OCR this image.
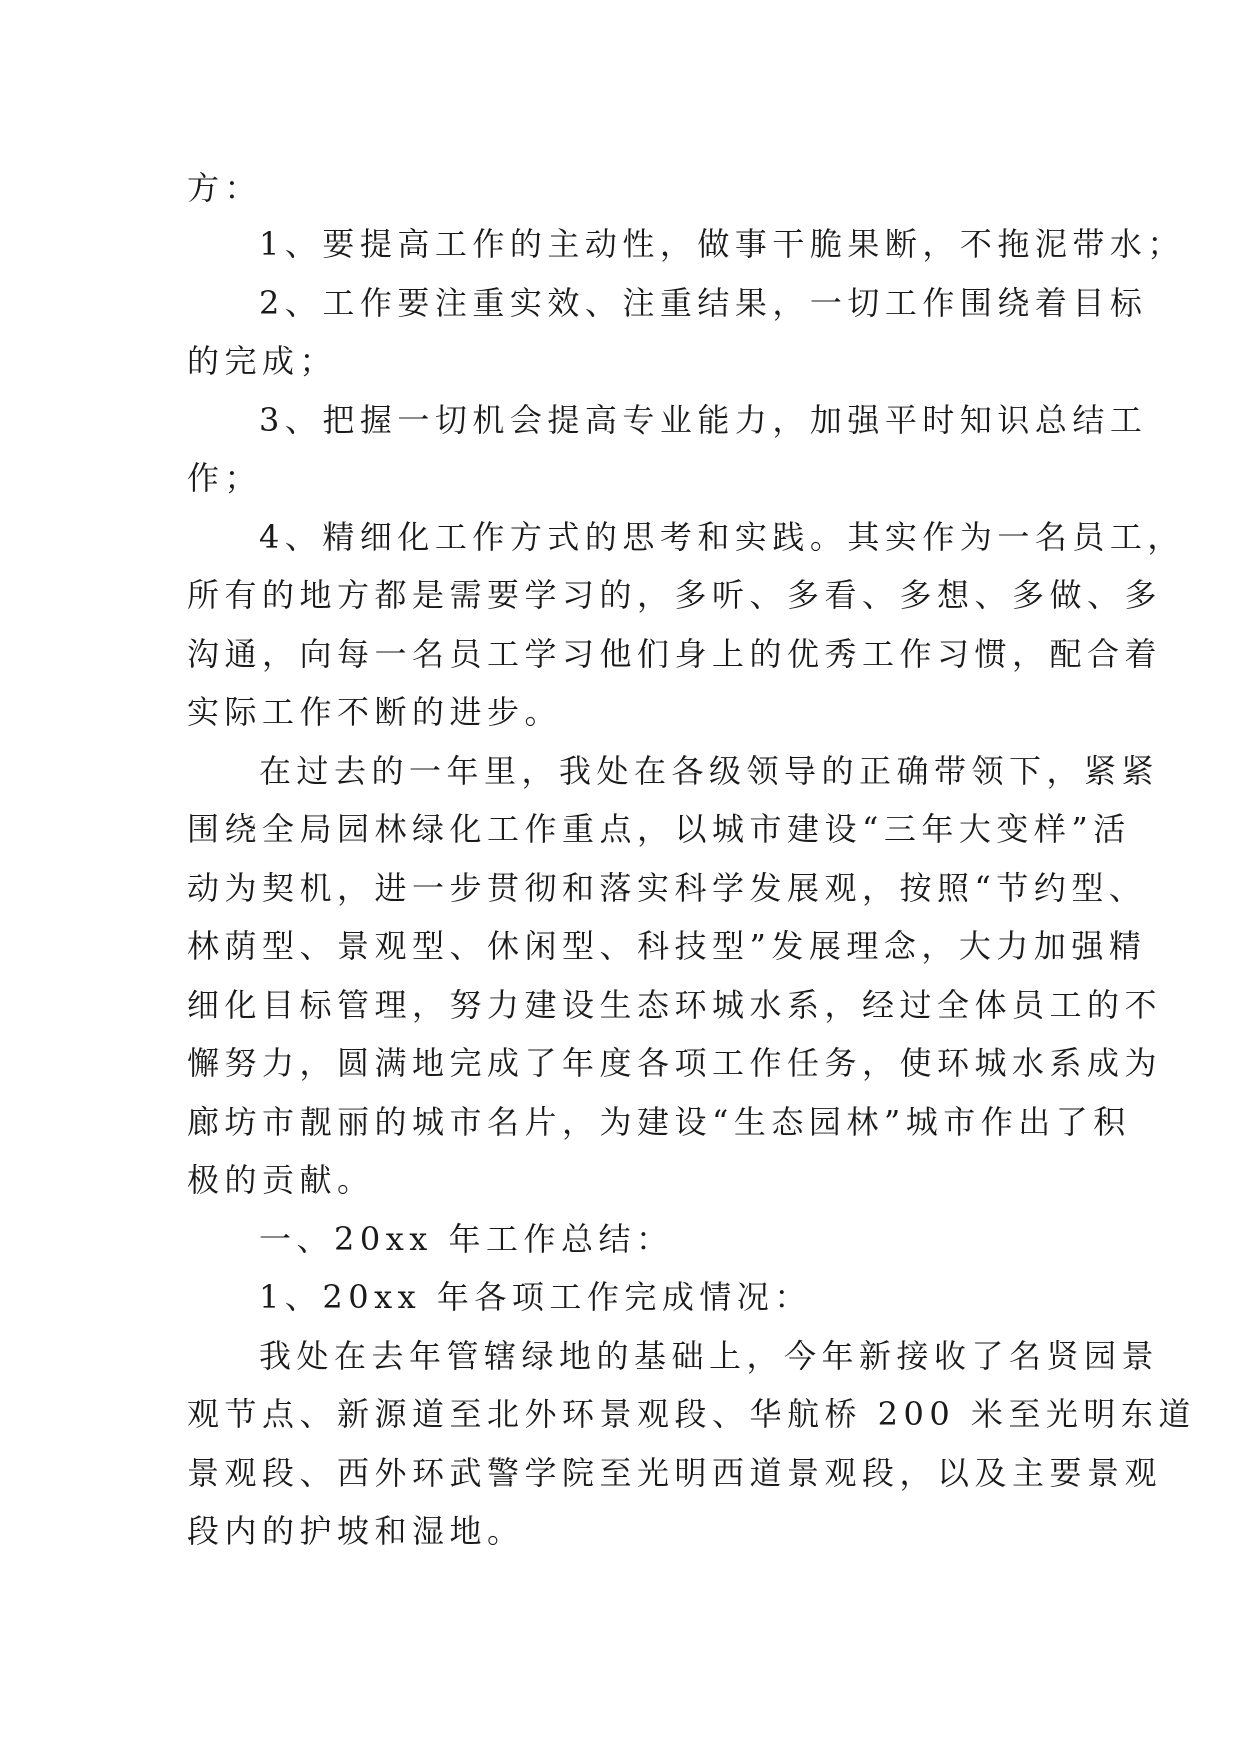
方：
1、要提高工作的主动性，做事干脆果断，不拖泥带水；
2、工作要注重实效、注重结果，一切工作围绕着目标
的完成；
3、把握一切机会提高专业能力，加强平时知识总结工
作；
4、精细化工作方式的思考和实践。其实作为一名员工，
所有的地方都是需要学习的，多听、多看、多想、多做、多
沟通，向每一名员工学习他们身上的优秀工作习惯，配合着
实际工作不断的进步。
在过去的一年里，我处在各级领导的正确带领下，紧紧
围绕全局园林绿化工作重点，以城市建设“三年大变样”活
动为契机，进一步贯彻和落实科学发展观，按照“节约型、
林荫型、景观型、休闲型、科技型”发展理念，大力加强精
细化目标管理，努力建设生态环城水系，经过全体员工的不
懈努力，圆满地完成了年度各项工作任务，使环城水系成为
廊坊市靓丽的城市名片，为建设“生态园林”城市作出了积
极的贡献。
一、20xx 年工作总结：
1、20xx 年各项工作完成情况：
我处在去年管辖绿地的基础上，今年新接收了名贤园景
观节点、新源道至北外环景观段、华航桥 200 米至光明东道
景观段、西外环武警学院至光明西道景观段，以及主要景观
段内的护坡和湿地。
